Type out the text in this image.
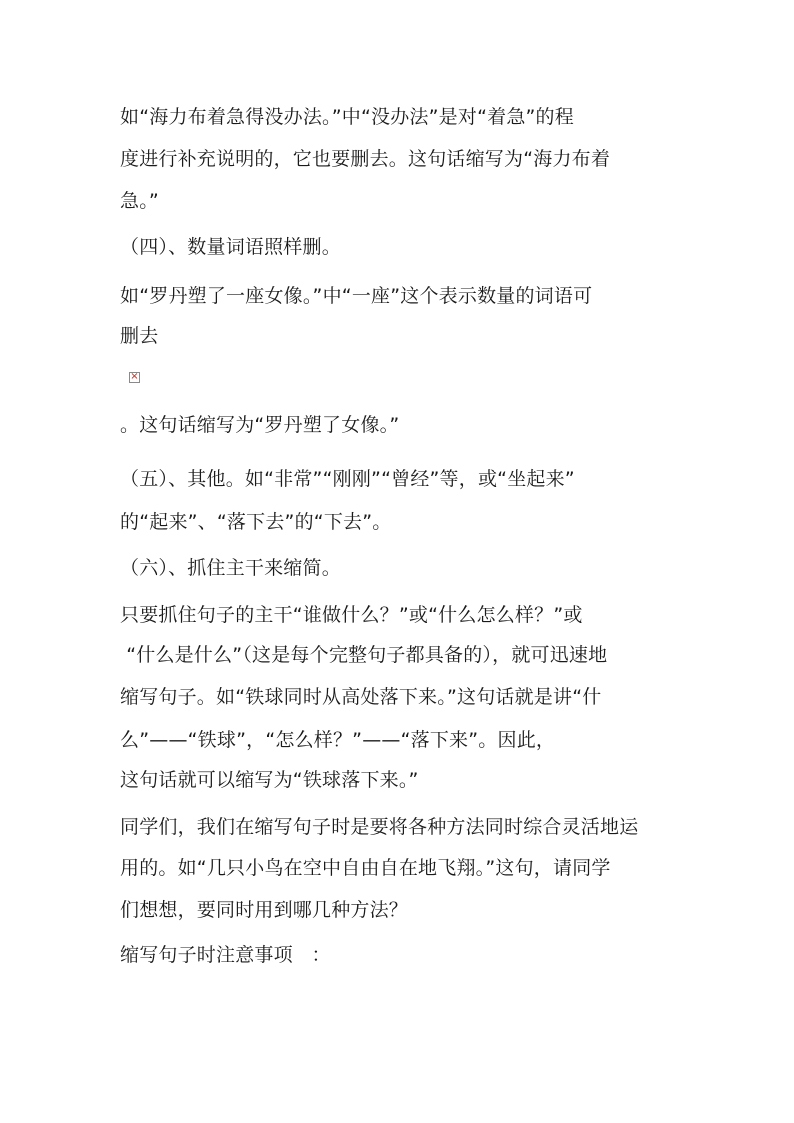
如“海力布着急得没办法。”中“没办法”是对“着急”的程
度进行补充说明的，它也要删去。这句话缩写为“海力布着
急。”
（四）、数量词语照样删。
如“罗丹塑了一座女像。”中“一座”这个表示数量的词语可
删去
×
。这句话缩写为“罗丹塑了女像。”
（五）、其他。如“非常”“刚刚”“曾经”等，或“坐起来”
的“起来”、“落下去”的“下去”。
（六）、抓住主干来缩简。
只要抓住句子的主干“谁做什么？”或“什么怎么样？”或
“什么是什么”（这是每个完整句子都具备的），就可迅速地
缩写句子。如“铁球同时从高处落下来。”这句话就是讲“什
么”——“铁球”，“怎么样？”——“落下来”。因此，
这句话就可以缩写为“铁球落下来。”
同学们，我们在缩写句子时是要将各种方法同时综合灵活地运
用的。如“几只小鸟在空中自由自在地飞翔。”这句，请同学
们想想，要同时用到哪几种方法？
缩写句子时注意事项   ：
